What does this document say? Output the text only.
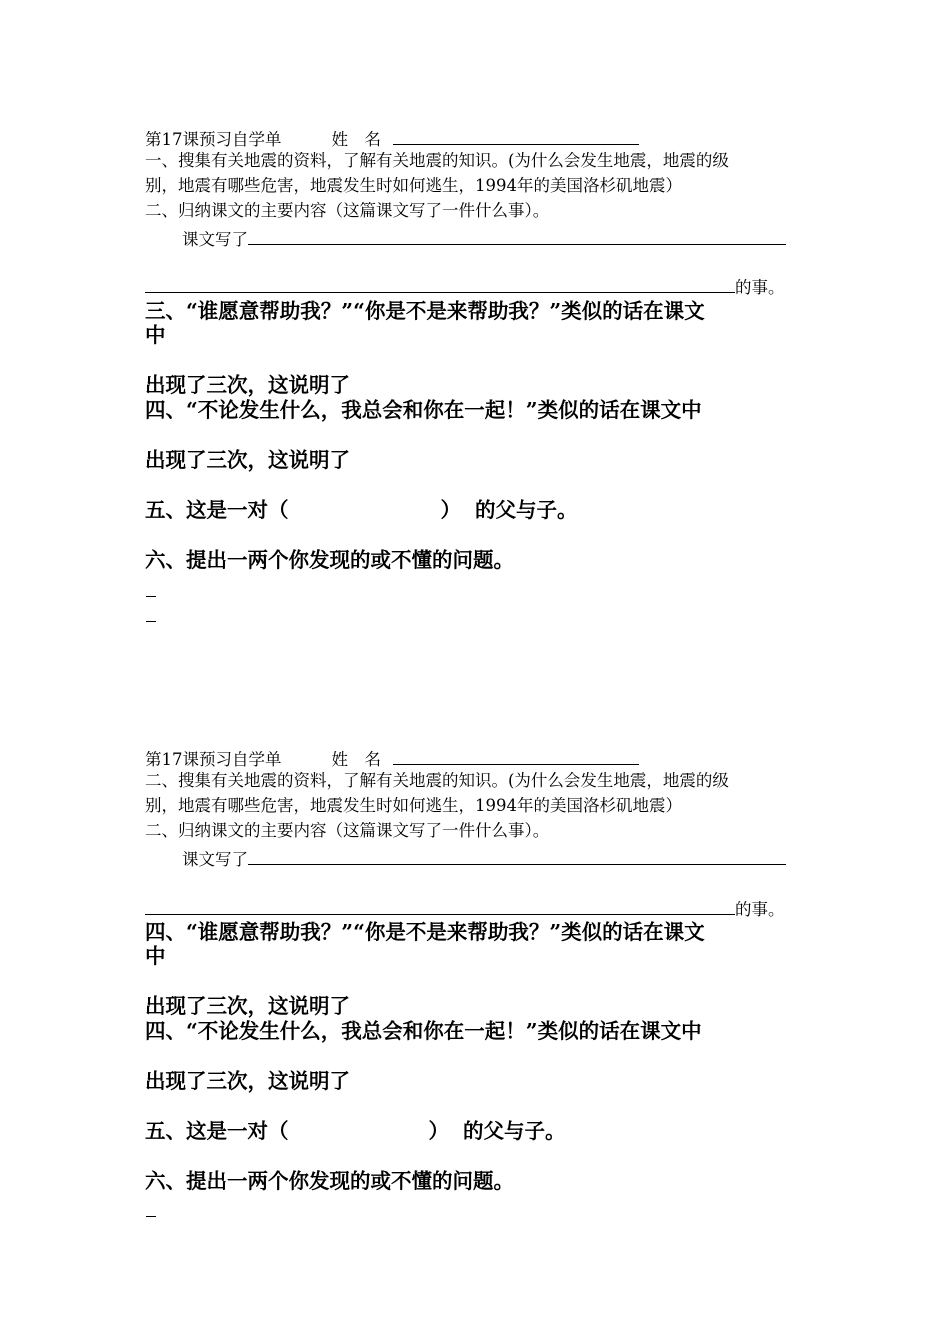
第17课预习自学单	姓　名
一、搜集有关地震的资料，了解有关地震的知识。(为什么会发生地震，地震的级
别，地震有哪些危害，地震发生时如何逃生，1994年的美国洛杉矶地震）
二、归纳课文的主要内容（这篇课文写了一件什么事）。
课文写了
的事。
三、“谁愿意帮助我？”“你是不是来帮助我？”类似的话在课文
中
出现了三次，这说明了
四、“不论发生什么，我总会和你在一起！”类似的话在课文中
出现了三次，这说明了
五、这是一对（	） 的父与子。
六、提出一两个你发现的或不懂的问题。
第17课预习自学单	姓　名
二、搜集有关地震的资料，了解有关地震的知识。(为什么会发生地震，地震的级
别，地震有哪些危害，地震发生时如何逃生，1994年的美国洛杉矶地震）
二、归纳课文的主要内容（这篇课文写了一件什么事）。
课文写了
的事。
四、“谁愿意帮助我？”“你是不是来帮助我？”类似的话在课文
中
出现了三次，这说明了
四、“不论发生什么，我总会和你在一起！”类似的话在课文中
出现了三次，这说明了
五、这是一对（	） 的父与子。
六、提出一两个你发现的或不懂的问题。
